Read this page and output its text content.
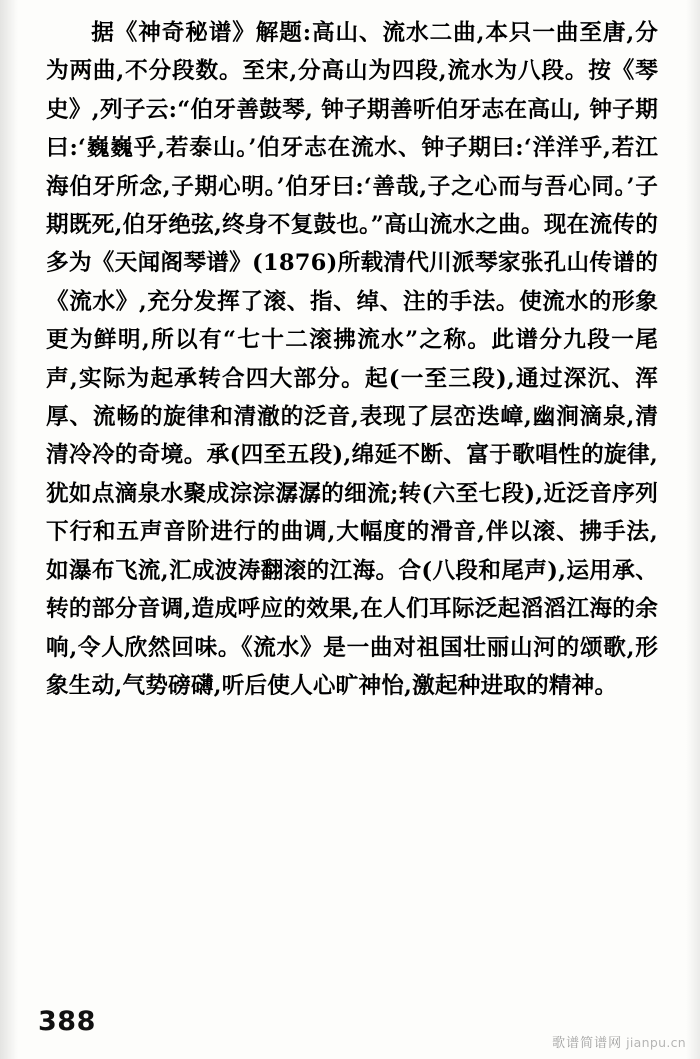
据《神奇秘谱》解题:高山、流水二曲,本只一曲至唐,分为两曲,不分段数。至宋,分高山为四段,流水为八段。按《琴史》,列子云:“伯牙善鼓琴, 钟子期善听伯牙志在高山, 钟子期曰:‘巍巍乎,若泰山。’伯牙志在流水、钟子期曰:‘洋洋乎,若江海伯牙所念,子期心明。’伯牙曰:‘善哉,子之心而与吾心同。’子期既死,伯牙绝弦,终身不复鼓也。”高山流水之曲。现在流传的多为《天闻阁琴谱》(1876)所载清代川派琴家张孔山传谱的《流水》,充分发挥了滚、指、绰、注的手法。使流水的形象更为鲜明,所以有“七十二滚拂流水”之称。此谱分九段一尾声,实际为起承转合四大部分。起(一至三段),通过深沉、浑厚、流畅的旋律和清澈的泛音,表现了层峦迭嶂,幽涧滴泉,清清冷冷的奇境。承(四至五段),绵延不断、富于歌唱性的旋律, 犹如点滴泉水聚成淙淙潺潺的细流;转(六至七段),近泛音序列下行和五声音阶进行的曲调,大幅度的滑音,伴以滚、拂手法,如瀑布飞流,汇成波涛翻滚的江海。合(八段和尾声),运用承、转的部分音调,造成呼应的效果,在人们耳际泛起滔滔江海的余响,令人欣然回味。《流水》是一曲对祖国壮丽山河的颂歌,形象生动,气势磅礴,听后使人心旷神怡,激起种进取的精神。
388
歌谱简谱网 jianpu.cn
